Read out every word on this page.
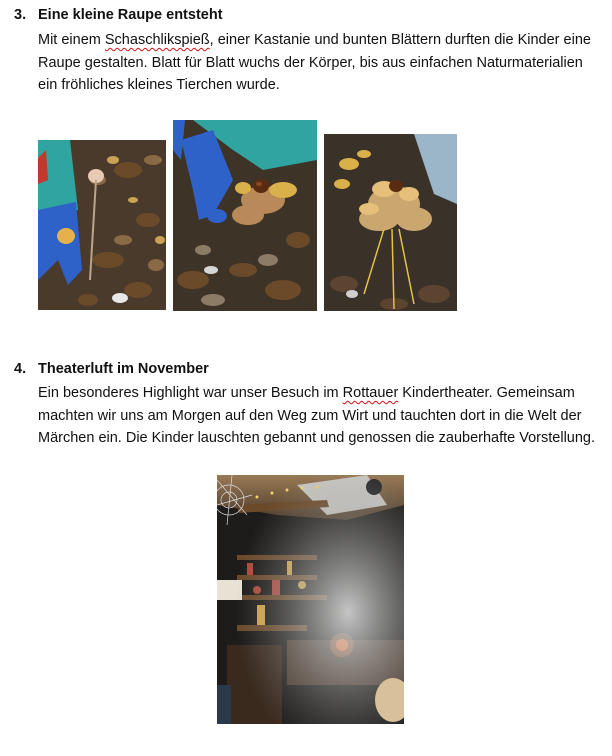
3. Eine kleine Raupe entsteht
Mit einem Schaschlikspieß, einer Kastanie und bunten Blättern durften die Kinder eine Raupe gestalten. Blatt für Blatt wuchs der Körper, bis aus einfachen Naturmaterialien ein fröhliches kleines Tierchen wurde.
4. Theaterluft im November
Ein besonderes Highlight war unser Besuch im Rottauer Kindertheater. Gemeinsam machten wir uns am Morgen auf den Weg zum Wirt und tauchten dort in die Welt der Märchen ein. Die Kinder lauschten gebannt und genossen die zauberhafte Vorstellung.
